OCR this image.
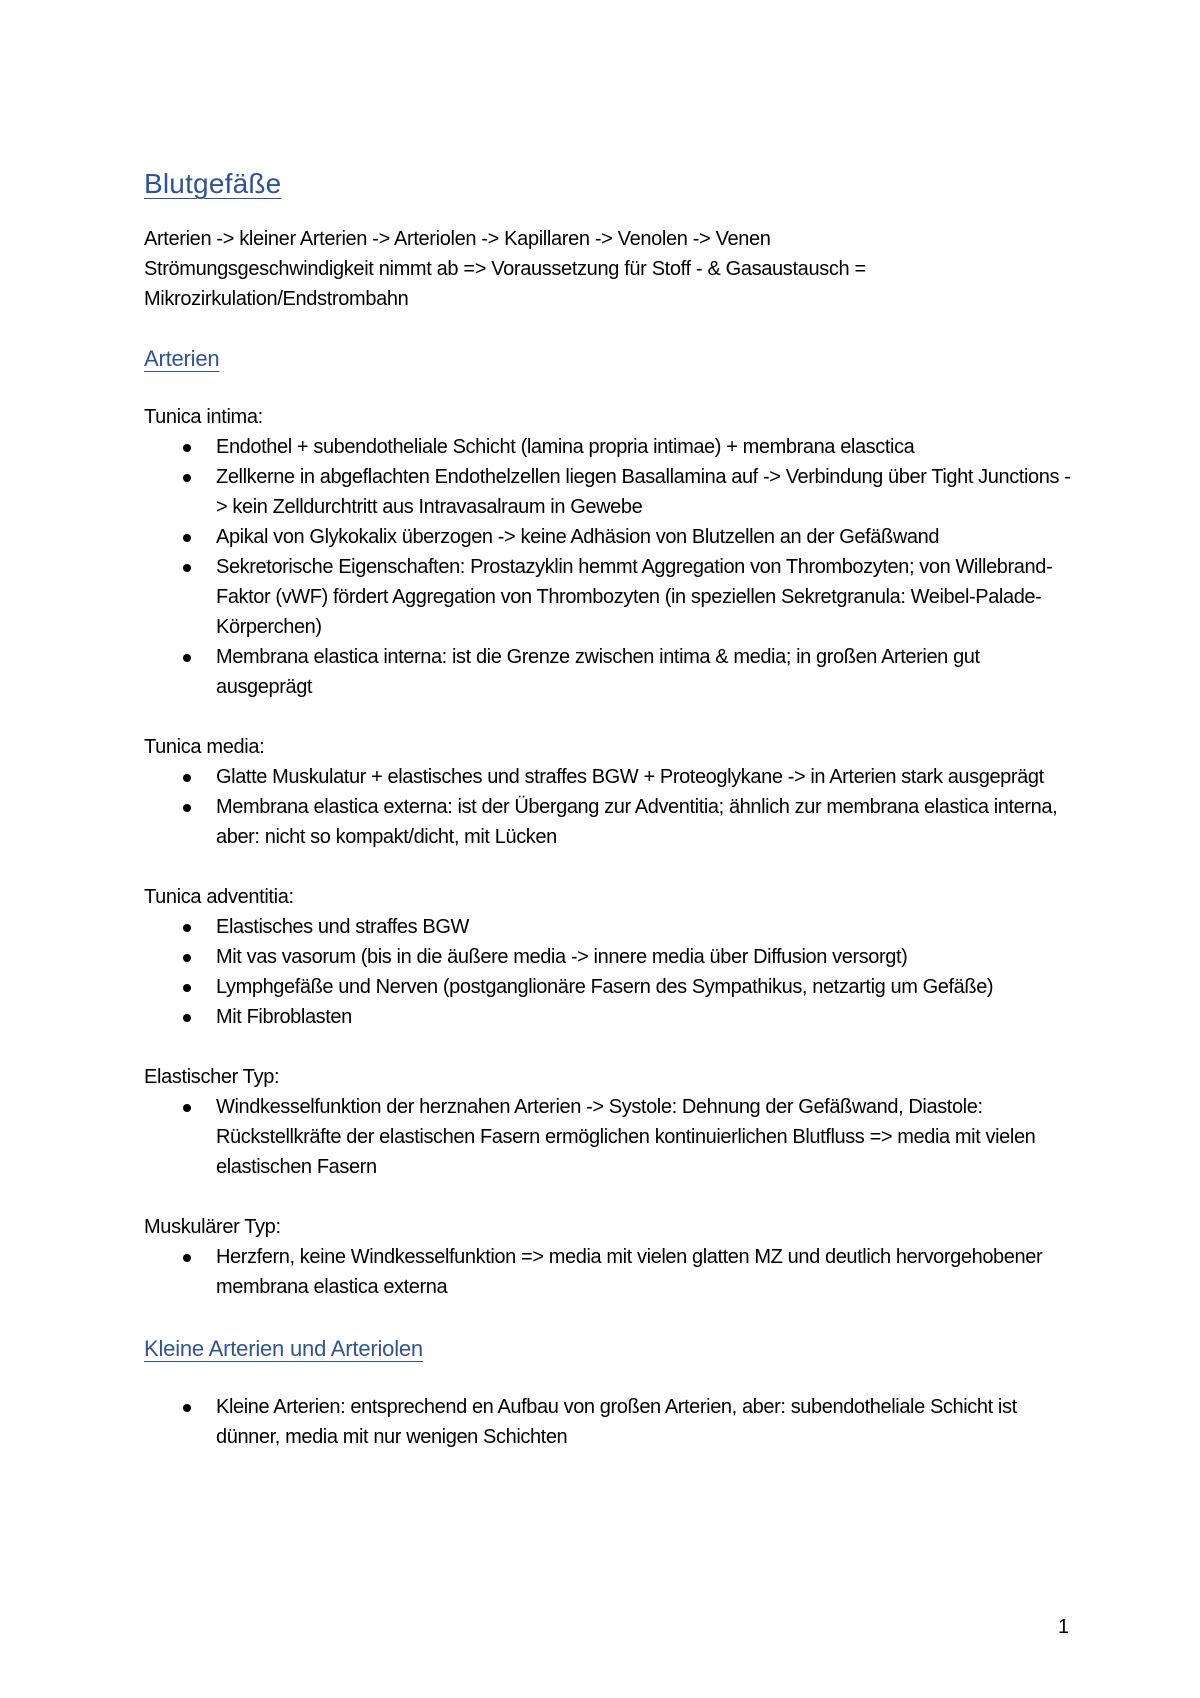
Blutgefäße

Arterien -> kleiner Arterien -> Arteriolen -> Kapillaren -> Venolen -> Venen

Strömungsgeschwindigkeit nimmt ab => Voraussetzung für Stoff - & Gasaustausch =

Mikrozirkulation/Endstrombahn

Arterien

Tunica intima:

Endothel + subendotheliale Schicht (lamina propria intimae) + membrana elasctica
Zellkerne in abgeflachten Endothelzellen liegen Basallamina auf -> Verbindung über Tight Junctions -> kein Zelldurchtritt aus Intravasalraum in Gewebe
Apikal von Glykokalix überzogen -> keine Adhäsion von Blutzellen an der Gefäßwand
Sekretorische Eigenschaften: Prostazyklin hemmt Aggregation von Thrombozyten; von Willebrand-Faktor (vWF) fördert Aggregation von Thrombozyten (in speziellen Sekretgranula: Weibel-Palade-Körperchen)
Membrana elastica interna: ist die Grenze zwischen intima & media; in großen Arterien gut ausgeprägt

Tunica media:

Glatte Muskulatur + elastisches und straffes BGW + Proteoglykane -> in Arterien stark ausgeprägt
Membrana elastica externa: ist der Übergang zur Adventitia; ähnlich zur membrana elastica interna, aber: nicht so kompakt/dicht, mit Lücken

Tunica adventitia:

Elastisches und straffes BGW
Mit vas vasorum (bis in die äußere media -> innere media über Diffusion versorgt)
Lymphgefäße und Nerven (postganglionäre Fasern des Sympathikus, netzartig um Gefäße)
Mit Fibroblasten

Elastischer Typ:

Windkesselfunktion der herznahen Arterien -> Systole: Dehnung der Gefäßwand, Diastole: Rückstellkräfte der elastischen Fasern ermöglichen kontinuierlichen Blutfluss => media mit vielen elastischen Fasern

Muskulärer Typ:

Herzfern, keine Windkesselfunktion => media mit vielen glatten MZ und deutlich hervorgehobener membrana elastica externa
Kleine Arterien und Arteriolen
Kleine Arterien: entsprechend en Aufbau von großen Arterien, aber: subendotheliale Schicht ist dünner, media mit nur wenigen Schichten
1
